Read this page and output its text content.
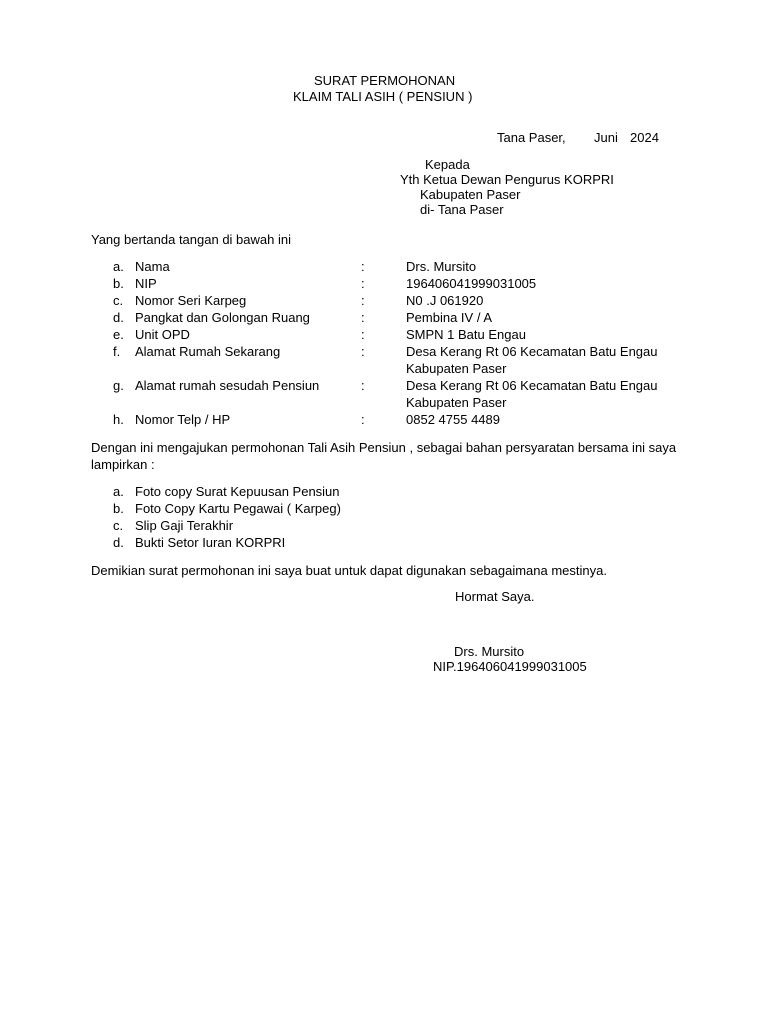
SURAT PERMOHONAN
KLAIM TALI ASIH ( PENSIUN )
Tana Paser, Juni 2024
Kepada
Yth Ketua Dewan Pengurus KORPRI
Kabupaten Paser
di- Tana Paser
Yang bertanda tangan di bawah ini
a. Nama	:	Drs. Mursito
b. NIP	:	196406041999031005
c. Nomor Seri Karpeg	:	N0 .J 061920
d. Pangkat dan Golongan Ruang	:	Pembina IV / A
e. Unit OPD	:	SMPN 1 Batu Engau
f. Alamat Rumah Sekarang	:	Desa Kerang Rt 06 Kecamatan Batu Engau
Kabupaten Paser
g. Alamat rumah sesudah Pensiun	:	Desa Kerang Rt 06 Kecamatan Batu Engau
Kabupaten Paser
h. Nomor Telp / HP	:	0852 4755 4489
Dengan ini mengajukan permohonan Tali Asih Pensiun , sebagai bahan persyaratan bersama ini saya lampirkan :
a. Foto copy Surat Kepuusan Pensiun
b. Foto Copy Kartu Pegawai ( Karpeg)
c. Slip Gaji Terakhir
d. Bukti Setor Iuran KORPRI
Demikian surat permohonan ini saya buat untuk dapat digunakan sebagaimana mestinya.
Hormat Saya.
Drs. Mursito
NIP.196406041999031005
